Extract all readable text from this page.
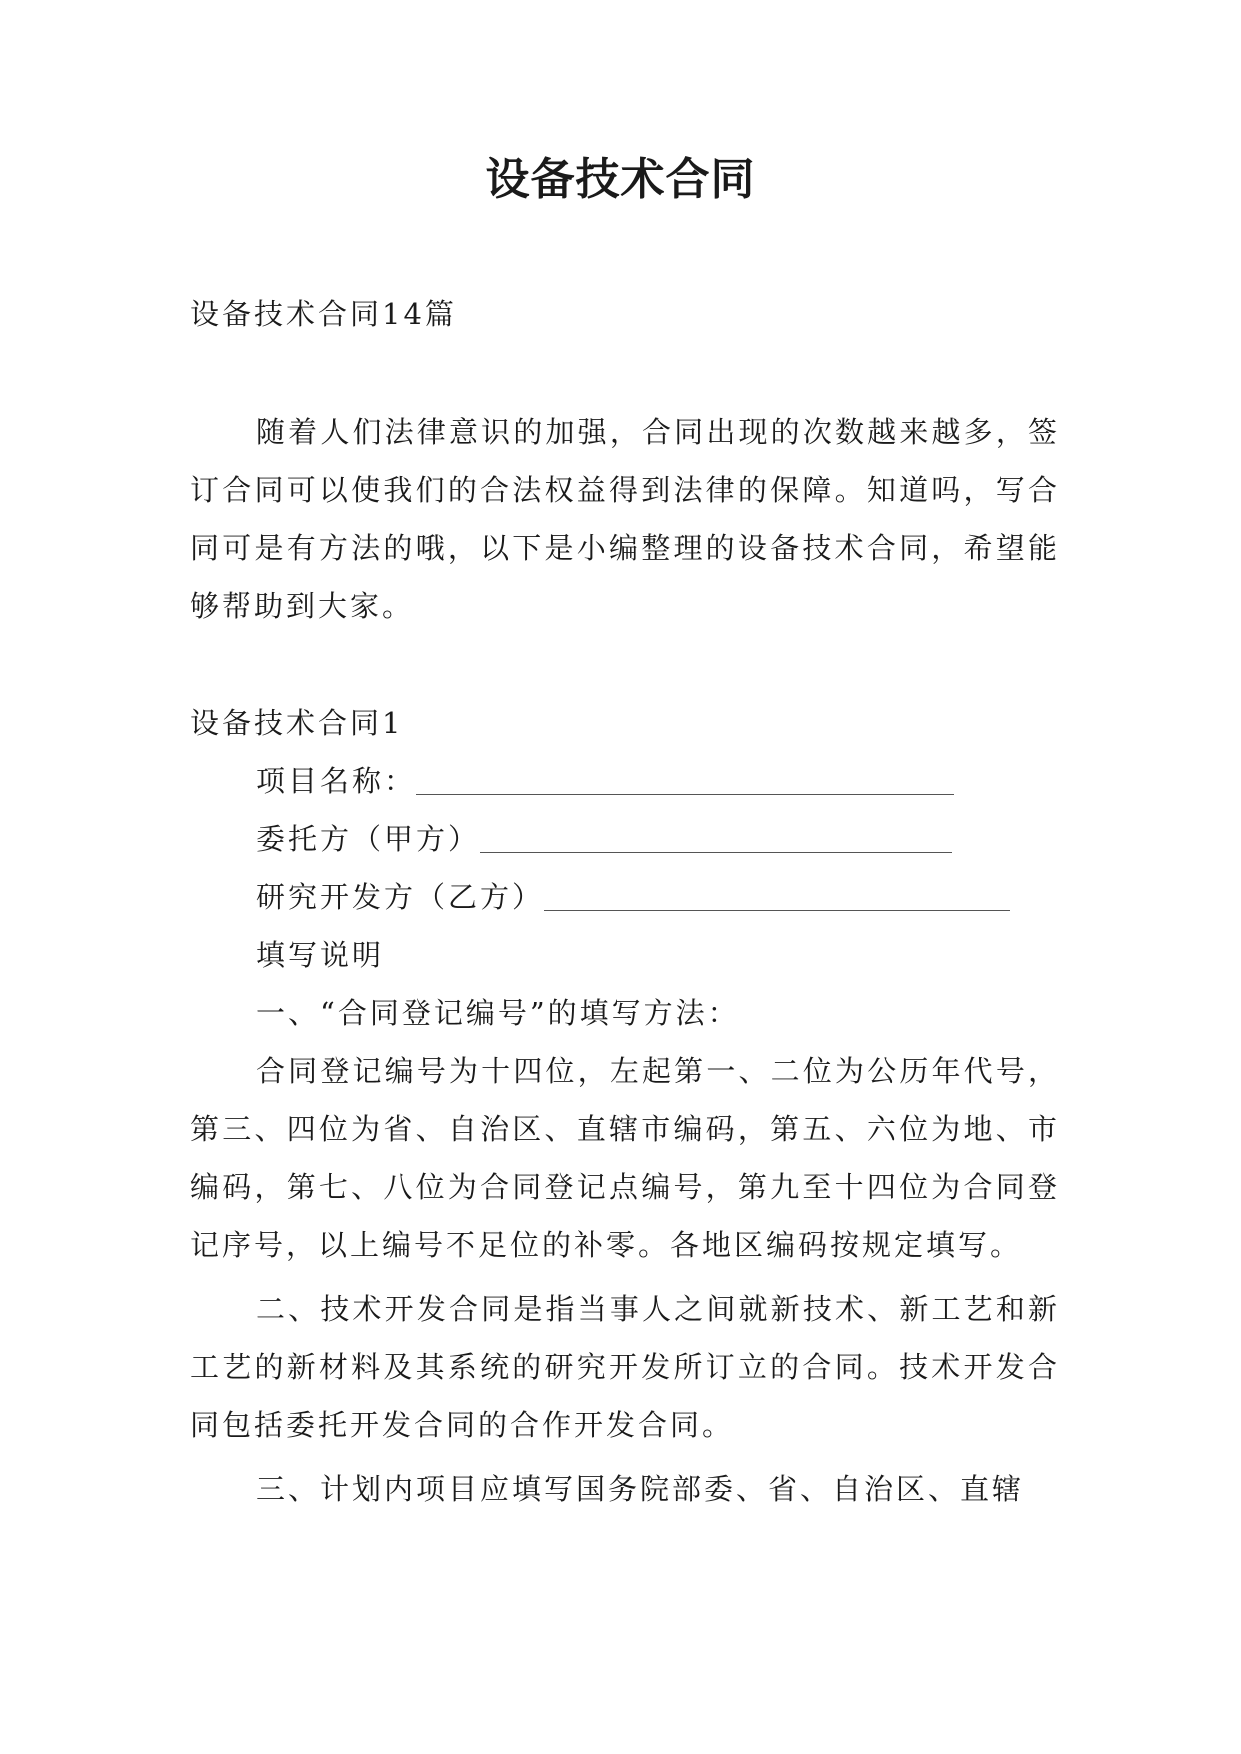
设备技术合同
设备技术合同14篇
随着人们法律意识的加强，合同出现的次数越来越多，签订合同可以使我们的合法权益得到法律的保障。知道吗，写合同可是有方法的哦，以下是小编整理的设备技术合同，希望能够帮助到大家。
设备技术合同1
项目名称：
委托方（甲方）
研究开发方（乙方）
填写说明
一、“合同登记编号”的填写方法：
合同登记编号为十四位，左起第一、二位为公历年代号，第三、四位为省、自治区、直辖市编码，第五、六位为地、市编码，第七、八位为合同登记点编号，第九至十四位为合同登记序号，以上编号不足位的补零。各地区编码按规定填写。
二、技术开发合同是指当事人之间就新技术、新工艺和新工艺的新材料及其系统的研究开发所订立的合同。技术开发合同包括委托开发合同的合作开发合同。
三、计划内项目应填写国务院部委、省、自治区、直辖
